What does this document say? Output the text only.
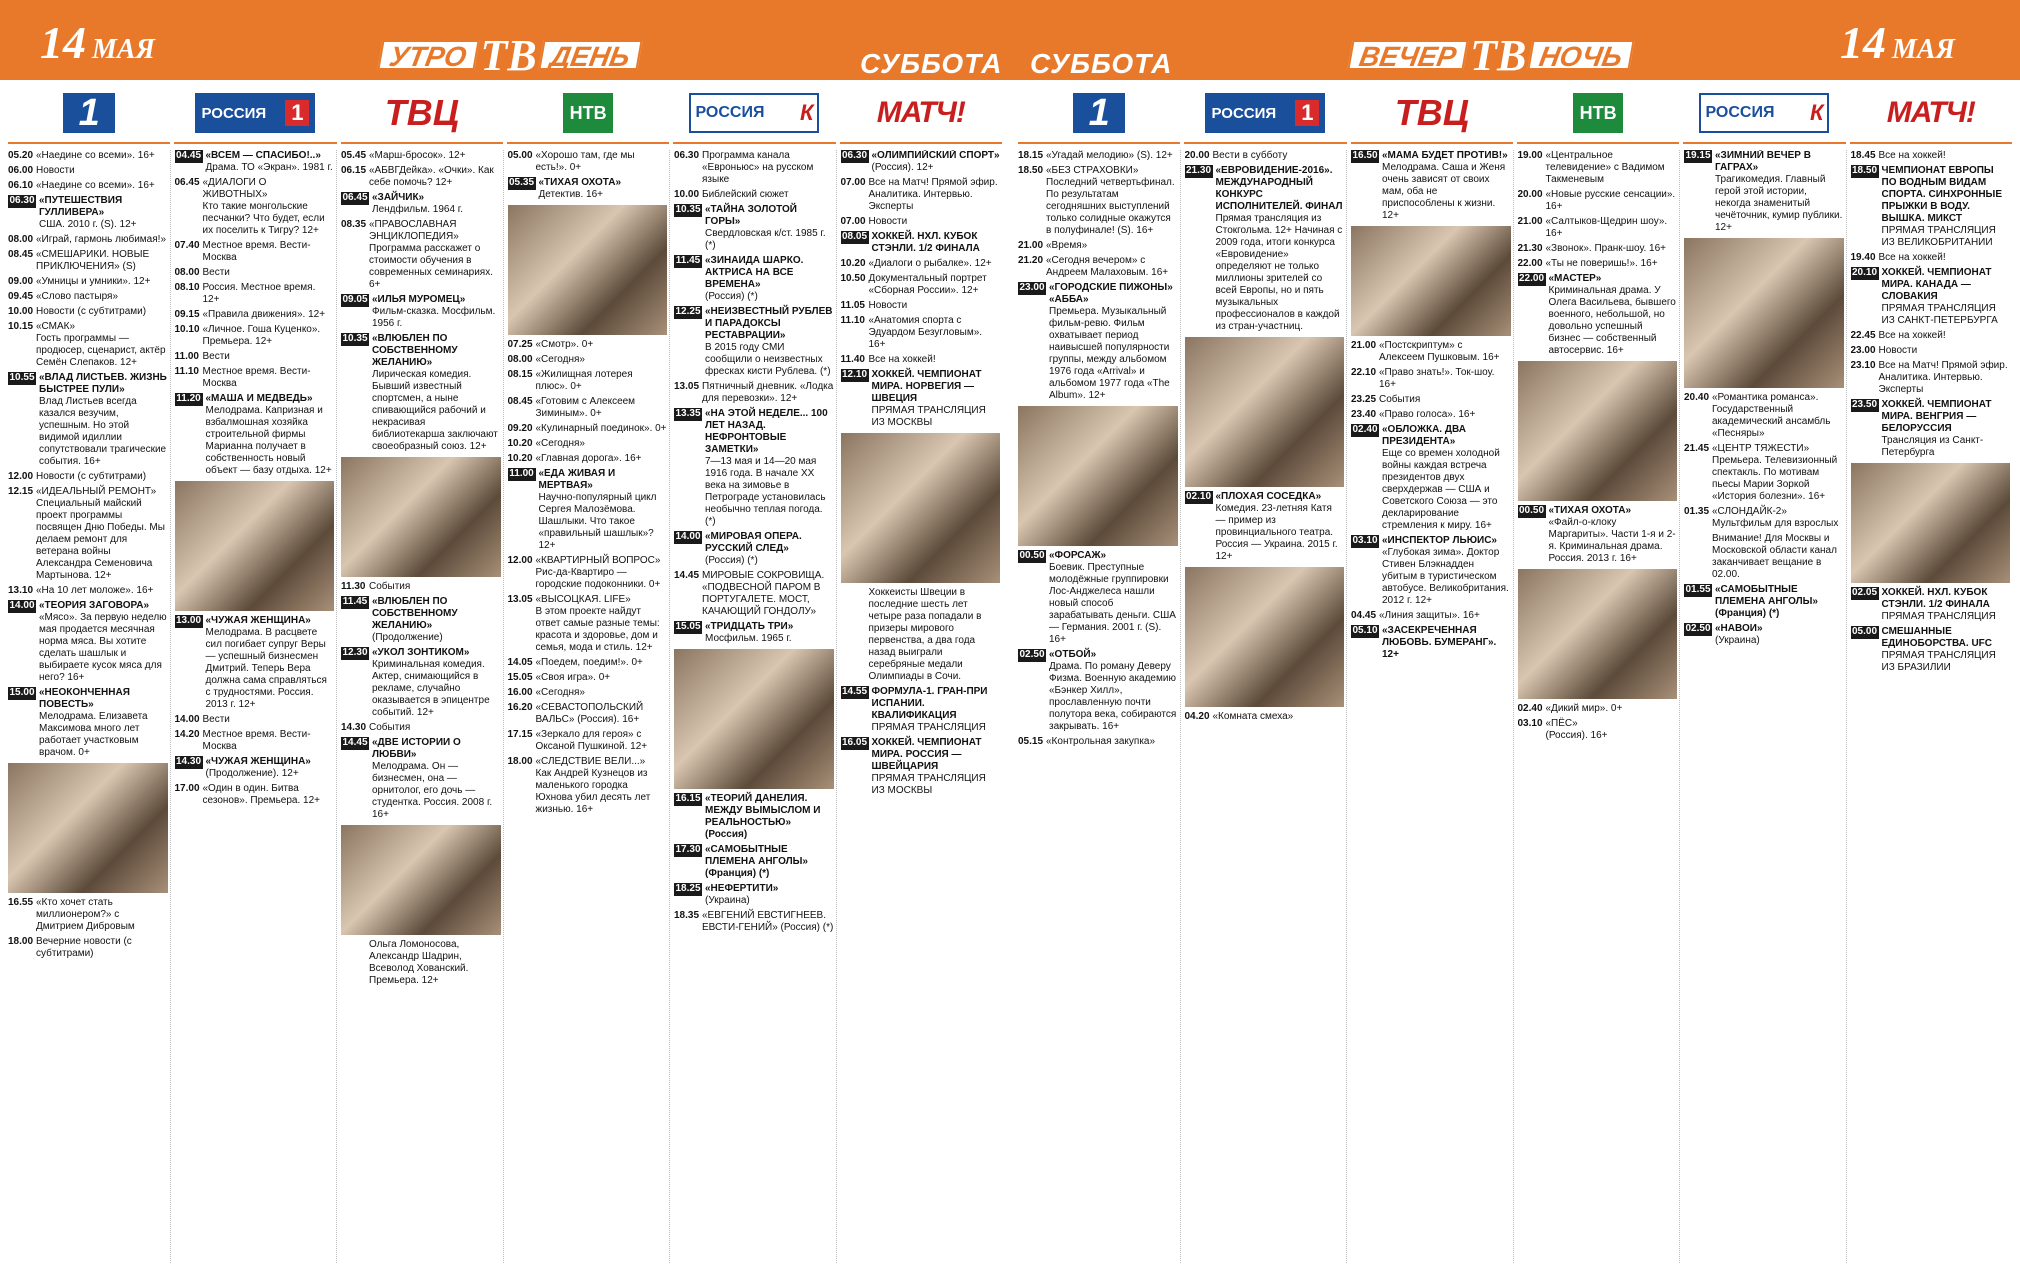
14 МАЯ	УТРО ТВ ДЕНЬ	СУББОТА
1	РОССИЯ 1 ТВЦ	НТВ	РОССИЯ К МАТЧ!
05.20 «Наедине со всеми». 16+
06.00 Новости
06.10 «Наедине со всеми». 16+
06.30 «ПУТЕШЕСТВИЯ ГУЛЛИВЕРА»
США. 2010 г. (S). 12+
08.00 «Играй, гармонь любимая!»
08.45 «СМЕШАРИКИ. НОВЫЕ ПРИКЛЮЧЕНИЯ» (S)
09.00 «Умницы и умники». 12+
09.45 «Слово пастыря»
10.00 Новости (с субтитрами)
10.15 «СМАК»
Гость программы — продюсер, сценарист, актёр Семён Слепаков. 12+
10.55 «ВЛАД ЛИСТЬЕВ. ЖИЗНЬ БЫСТРЕЕ ПУЛИ»
Влад Листьев всегда казался везучим, успешным. Но этой видимой идиллии сопутствовали трагические события. 16+
12.00 Новости (с субтитрами)
12.15 «ИДЕАЛЬНЫЙ РЕМОНТ»
Специальный майский проект программы посвящен Дню Победы. Мы делаем ремонт для ветерана войны Александра Семеновича Мартынова. 12+
13.10 «На 10 лет моложе». 16+
14.00 «ТЕОРИЯ ЗАГОВОРА»
«Мясо». За первую неделю мая продается месячная норма мяса. Вы хотите сделать шашлык и выбираете кусок мяса для него? 16+
15.00 «НЕОКОНЧЕННАЯ ПОВЕСТЬ»
Мелодрама. Елизавета Максимова много лет работает участковым врачом. 0+
16.55 «Кто хочет стать миллионером?» с Дмитрием Дибровым
18.00 Вечерние новости (с субтитрами)
04.45 «ВСЕМ — СПАСИБО!..»
Драма. ТО «Экран». 1981 г.
06.45 «ДИАЛОГИ О ЖИВОТНЫХ»
Кто такие монгольские песчанки? Что будет, если их поселить к Тигру? 12+
07.40 Местное время. Вести-Москва
08.00 Вести
08.10 Россия. Местное время. 12+
09.15 «Правила движения». 12+
10.10 «Личное. Гоша Куценко». Премьера. 12+
11.00 Вести
11.10 Местное время. Вести-Москва
11.20 «МАША И МЕДВЕДЬ»
Мелодрама. Капризная и взбалмошная хозяйка строительной фирмы Марианна получает в собственность новый объект — базу отдыха. 12+
13.00 «ЧУЖАЯ ЖЕНЩИНА»
Мелодрама. В расцвете сил погибает супруг Веры — успешный бизнесмен Дмитрий. Теперь Вера должна сама справляться с трудностями. Россия. 2013 г. 12+
14.00 Вести
14.20 Местное время. Вести-Москва
14.30 «ЧУЖАЯ ЖЕНЩИНА»
(Продолжение). 12+
17.00 «Один в один. Битва сезонов». Премьера. 12+
05.45 «Марш-бросок». 12+
06.15 «АБВГДейка». «Очки». Как себе помочь? 12+
06.45 «ЗАЙЧИК»
Лендфильм. 1964 г.
08.35 «ПРАВОСЛАВНАЯ ЭНЦИКЛОПЕДИЯ»
Программа расскажет о стоимости обучения в современных семинариях. 6+
09.05 «ИЛЬЯ МУРОМЕЦ»
Фильм-сказка. Мосфильм. 1956 г.
10.35 «ВЛЮБЛЕН ПО СОБСТВЕННОМУ ЖЕЛАНИЮ»
Лирическая комедия. Бывший известный спортсмен, а ныне спивающийся рабочий и некрасивая библиотекарша заключают своеобразный союз. 12+
11.30 События
11.45 «ВЛЮБЛЕН ПО СОБСТВЕННОМУ ЖЕЛАНИЮ»
(Продолжение)
12.30 «УКОЛ ЗОНТИКОМ»
Криминальная комедия. Актер, снимающийся в рекламе, случайно оказывается в эпицентре событий. 12+
14.30 События
14.45 «ДВЕ ИСТОРИИ О ЛЮБВИ»
Мелодрама. Он — бизнесмен, она — орнитолог, его дочь — студентка. Россия. 2008 г. 16+
Ольга Ломоносова, Александр Шадрин, Всеволод Хованский. Премьера. 12+
05.00 «Хорошо там, где мы есть!». 0+
05.35 «ТИХАЯ ОХОТА»
Детектив. 16+
07.25 «Смотр». 0+
08.00 «Сегодня»
08.15 «Жилищная лотерея плюс». 0+
08.45 «Готовим с Алексеем Зиминым». 0+
09.20 «Кулинарный поединок». 0+
10.20 «Сегодня»
10.20 «Главная дорога». 16+
11.00 «ЕДА ЖИВАЯ И МЕРТВАЯ»
Научно-популярный цикл Сергея Малозёмова. Шашлыки. Что такое «правильный шашлык»? 12+
12.00 «КВАРТИРНЫЙ ВОПРОС»
Рис-да-Квартиро — городские подоконники. 0+
13.05 «ВЫСОЦКАЯ. LIFE»
В этом проекте найдут ответ самые разные темы: красота и здоровье, дом и семья, мода и стиль. 12+
14.05 «Поедем, поедим!». 0+
15.05 «Своя игра». 0+
16.00 «Сегодня»
16.20 «СЕВАСТОПОЛЬСКИЙ ВАЛЬС» (Россия). 16+
17.15 «Зеркало для героя» с Оксаной Пушкиной. 12+
18.00 «СЛЕДСТВИЕ ВЕЛИ...»
Как Андрей Кузнецов из маленького городка Юхнова убил десять лет жизнью. 16+
06.30 Программа канала «Евроньюс» на русском языке
10.00 Библейский сюжет
10.35 «ТАЙНА ЗОЛОТОЙ ГОРЫ»
Свердловская к/ст. 1985 г. (*)
11.45 «ЗИНАИДА ШАРКО. АКТРИСА НА ВСЕ ВРЕМЕНА»
(Россия) (*)
12.25 «НЕИЗВЕСТНЫЙ РУБЛЕВ И ПАРАДОКСЫ РЕСТАВРАЦИИ»
В 2015 году СМИ сообщили о неизвестных фресках кисти Рублева. (*)
13.05 Пятничный дневник. «Лодка для перевозки». 12+
13.35 «НА ЭТОЙ НЕДЕЛЕ... 100 ЛЕТ НАЗАД. НЕФРОНТОВЫЕ ЗАМЕТКИ»
7—13 мая и 14—20 мая 1916 года. В начале XX века на зимовье в Петрограде установилась необычно теплая погода. (*)
14.00 «МИРОВАЯ ОПЕРА. РУССКИЙ СЛЕД»
(Россия) (*)
14.45 МИРОВЫЕ СОКРОВИЩА. «ПОДВЕСНОЙ ПАРОМ В ПОРТУГАЛЕТЕ. МОСТ, КАЧАЮЩИЙ ГОНДОЛУ»
15.05 «ТРИДЦАТЬ ТРИ»
Мосфильм. 1965 г.
16.15 «ТЕОРИЙ ДАНЕЛИЯ. МЕЖДУ ВЫМЫСЛОМ И РЕАЛЬНОСТЬЮ» (Россия)
17.30 «САМОБЫТНЫЕ ПЛЕМЕНА АНГОЛЫ» (Франция) (*)
18.25 «НЕФЕРТИТИ»
(Украина)
18.35 «ЕВГЕНИЙ ЕВСТИГНЕЕВ. ЕВСТИ-ГЕНИЙ» (Россия) (*)
06.30 «ОЛИМПИЙСКИЙ СПОРТ»
(Россия). 12+
07.00 Все на Матч! Прямой эфир. Аналитика. Интервью. Эксперты
07.00 Новости
08.05 ХОККЕЙ. НХЛ. КУБОК СТЭНЛИ. 1/2 ФИНАЛА
10.20 «Диалоги о рыбалке». 12+
10.50 Документальный портрет «Сборная России». 12+
11.05 Новости
11.10 «Анатомия спорта с Эдуардом Безугловым». 16+
11.40 Все на хоккей!
12.10 ХОККЕЙ. ЧЕМПИОНАТ МИРА. НОРВЕГИЯ — ШВЕЦИЯ
ПРЯМАЯ ТРАНСЛЯЦИЯ ИЗ МОСКВЫ
Хоккеисты Швеции в последние шесть лет четыре раза попадали в призеры мирового первенства, а два года назад выиграли серебряные медали Олимпиады в Сочи.
14.55 ФОРМУЛА-1. ГРАН-ПРИ ИСПАНИИ. КВАЛИФИКАЦИЯ
ПРЯМАЯ ТРАНСЛЯЦИЯ
16.05 ХОККЕЙ. ЧЕМПИОНАТ МИРА. РОССИЯ — ШВЕЙЦАРИЯ
ПРЯМАЯ ТРАНСЛЯЦИЯ ИЗ МОСКВЫ
СУББОТА	ВЕЧЕР ТВ НОЧЬ	14 МАЯ
1	РОССИЯ 1 ТВЦ	НТВ	РОССИЯ К МАТЧ!
18.15 «Угадай мелодию» (S). 12+
18.50 «БЕЗ СТРАХОВКИ»
Последний четвертьфинал. По результатам сегодняшних выступлений только солидные окажутся в полуфинале! (S). 16+
21.00 «Время»
21.20 «Сегодня вечером» с Андреем Малаховым. 16+
23.00 «ГОРОДСКИЕ ПИЖОНЫ» «АББА»
Премьера. Музыкальный фильм-ревю. Фильм охватывает период наивысшей популярности группы, между альбомом 1976 года «Arrival» и альбомом 1977 года «The Album». 12+
00.50 «ФОРСАЖ»
Боевик. Преступные молодёжные группировки Лос-Анджелеса нашли новый способ зарабатывать деньги. США — Германия. 2001 г. (S). 16+
02.50 «ОТБОЙ»
Драма. По роману Деверу Физма. Военную академию «Бэнкер Хилл», прославленную почти полутора века, собираются закрывать. 16+
05.15 «Контрольная закупка»
20.00 Вести в субботу
21.30 «ЕВРОВИДЕНИЕ-2016». МЕЖДУНАРОДНЫЙ КОНКУРС ИСПОЛНИТЕЛЕЙ. ФИНАЛ
Прямая трансляция из Стокгольма. 12+ Начиная с 2009 года, итоги конкурса «Евровидение» определяют не только миллионы зрителей со всей Европы, но и пять музыкальных профессионалов в каждой из стран-участниц.
02.10 «ПЛОХАЯ СОСЕДКА»
Комедия. 23-летняя Катя — пример из провинциального театра. Россия — Украина. 2015 г. 12+
04.20 «Комната смеха»
16.50 «МАМА БУДЕТ ПРОТИВ!»
Мелодрама. Саша и Женя очень зависят от своих мам, оба не приспособлены к жизни. 12+
21.00 «Постскриптум» с Алексеем Пушковым. 16+
22.10 «Право знать!». Ток-шоу. 16+
23.25 События
23.40 «Право голоса». 16+
02.40 «ОБЛОЖКА. ДВА ПРЕЗИДЕНТА»
Еще со времен холодной войны каждая встреча президентов двух сверхдержав — США и Советского Союза — это декларирование стремления к миру. 16+
03.10 «ИНСПЕКТОР ЛЬЮИС»
«Глубокая зима». Доктор Стивен Блэкнадден убитым в туристическом автобусе. Великобритания. 2012 г. 12+
04.45 «Линия защиты». 16+
05.10 «ЗАСЕКРЕЧЕННАЯ ЛЮБОВЬ. БУМЕРАНГ». 12+
19.00 «Центральное телевидение» с Вадимом Такменевым
20.00 «Новые русские сенсации». 16+
21.00 «Салтыков-Щедрин шоу». 16+
21.30 «Звонок». Пранк-шоу. 16+
22.00 «Ты не поверишь!». 16+
22.00 «МАСТЕР»
Криминальная драма. У Олега Васильева, бывшего военного, небольшой, но довольно успешный бизнес — собственный автосервис. 16+
00.50 «ТИХАЯ ОХОТА»
«Файл-о-клоку Маргариты». Части 1-я и 2-я. Криминальная драма. Россия. 2013 г. 16+
02.40 «Дикий мир». 0+
03.10 «ПЁС»
(Россия). 16+
19.15 «ЗИМНИЙ ВЕЧЕР В ГАГРАХ»
Трагикомедия. Главный герой этой истории, некогда знаменитый чечёточник, кумир публики. 12+
20.40 «Романтика романса». Государственный академический ансамбль «Песняры»
21.45 «ЦЕНТР ТЯЖЕСТИ»
Премьера. Телевизионный спектакль. По мотивам пьесы Марии Зоркой «История болезни». 16+
01.35 «СЛОНДАЙК-2»
Мультфильм для взрослых
Внимание! Для Москвы и Московской области канал заканчивает вещание в 02.00.
01.55 «САМОБЫТНЫЕ ПЛЕМЕНА АНГОЛЫ» (Франция) (*)
02.50 «НАВОИ»
(Украина)
18.45 Все на хоккей!
18.50 ЧЕМПИОНАТ ЕВРОПЫ ПО ВОДНЫМ ВИДАМ СПОРТА. СИНХРОННЫЕ ПРЫЖКИ В ВОДУ. ВЫШКА. МИКСТ
ПРЯМАЯ ТРАНСЛЯЦИЯ ИЗ ВЕЛИКОБРИТАНИИ
19.40 Все на хоккей!
20.10 ХОККЕЙ. ЧЕМПИОНАТ МИРА. КАНАДА — СЛОВАКИЯ
ПРЯМАЯ ТРАНСЛЯЦИЯ ИЗ САНКТ-ПЕТЕРБУРГА
22.45 Все на хоккей!
23.00 Новости
23.10 Все на Матч! Прямой эфир. Аналитика. Интервью. Эксперты
23.50 ХОККЕЙ. ЧЕМПИОНАТ МИРА. ВЕНГРИЯ — БЕЛОРУССИЯ
Трансляция из Санкт-Петербурга
02.05 ХОККЕЙ. НХЛ. КУБОК СТЭНЛИ. 1/2 ФИНАЛА
ПРЯМАЯ ТРАНСЛЯЦИЯ
05.00 СМЕШАННЫЕ ЕДИНОБОРСТВА. UFC
ПРЯМАЯ ТРАНСЛЯЦИЯ ИЗ БРАЗИЛИИ
